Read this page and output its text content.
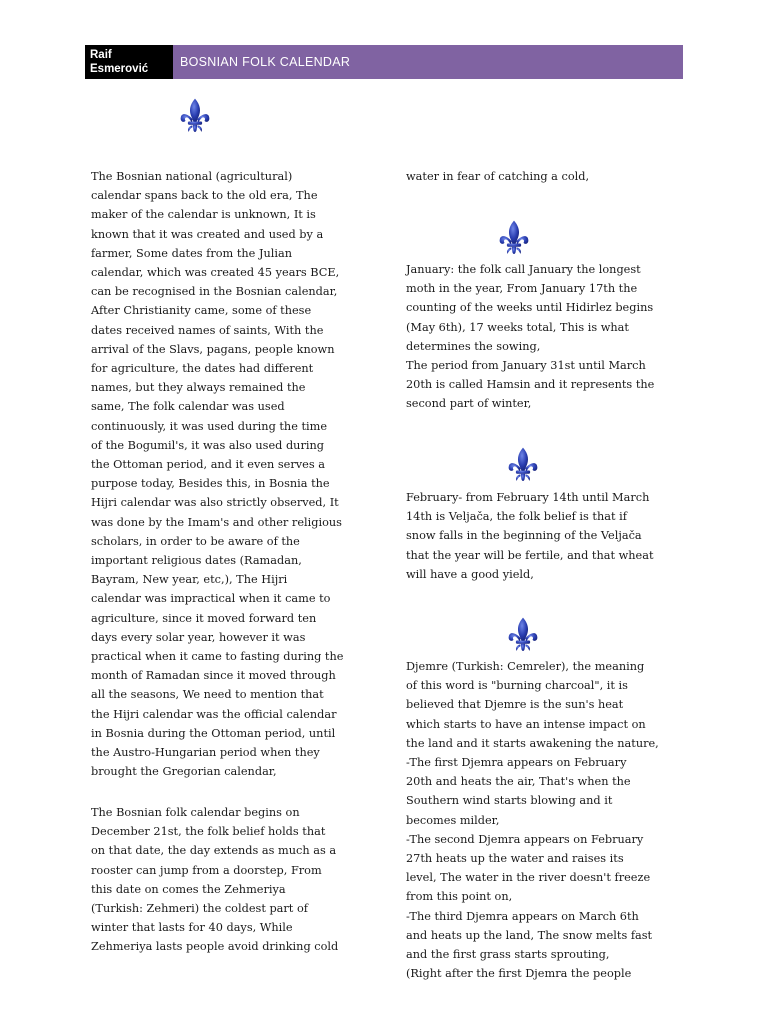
Raif
Esmerović	BOSNIAN FOLK CALENDAR

The Bosnian national (agricultural)
calendar spans back to the old era, The
maker of the calendar is unknown, It is
known that it was created and used by a
farmer, Some dates from the Julian
calendar, which was created 45 years BCE,
can be recognised in the Bosnian calendar,
After Christianity came, some of these
dates received names of saints, With the
arrival of the Slavs, pagans, people known
for agriculture, the dates had different
names, but they always remained the
same, The folk calendar was used
continuously, it was used during the time
of the Bogumil's, it was also used during
the Ottoman period, and it even serves a
purpose today, Besides this, in Bosnia the
Hijri calendar was also strictly observed, It
was done by the Imam's and other religious
scholars, in order to be aware of the
important religious dates (Ramadan,
Bayram, New year, etc,), The Hijri
calendar was impractical when it came to
agriculture, since it moved forward ten
days every solar year, however it was
practical when it came to fasting during the
month of Ramadan since it moved through
all the seasons, We need to mention that
the Hijri calendar was the official calendar
in Bosnia during the Ottoman period, until
the Austro-Hungarian period when they
brought the Gregorian calendar,

The Bosnian folk calendar begins on
December 21st, the folk belief holds that
on that date, the day extends as much as a
rooster can jump from a doorstep, From
this date on comes the Zehmeriya
(Turkish: Zehmeri) the coldest part of
winter that lasts for 40 days, While
Zehmeriya lasts people avoid drinking cold

water in fear of catching a cold,

January: the folk call January the longest
moth in the year, From January 17th the
counting of the weeks until Hidirlez begins
(May 6th), 17 weeks total, This is what
determines the sowing,
The period from January 31st until March
20th is called Hamsin and it represents the
second part of winter,

February- from February 14th until March
14th is Veljača, the folk belief is that if
snow falls in the beginning of the Veljača
that the year will be fertile, and that wheat
will have a good yield,

Djemre (Turkish: Cemreler), the meaning
of this word is "burning charcoal", it is
believed that Djemre is the sun's heat
which starts to have an intense impact on
the land and it starts awakening the nature,
-The first Djemra appears on February
20th and heats the air, That's when the
Southern wind starts blowing and it
becomes milder,
-The second Djemra appears on February
27th heats up the water and raises its
level, The water in the river doesn't freeze
from this point on,
-The third Djemra appears on March 6th
and heats up the land, The snow melts fast
and the first grass starts sprouting,
(Right after the first Djemra the people
